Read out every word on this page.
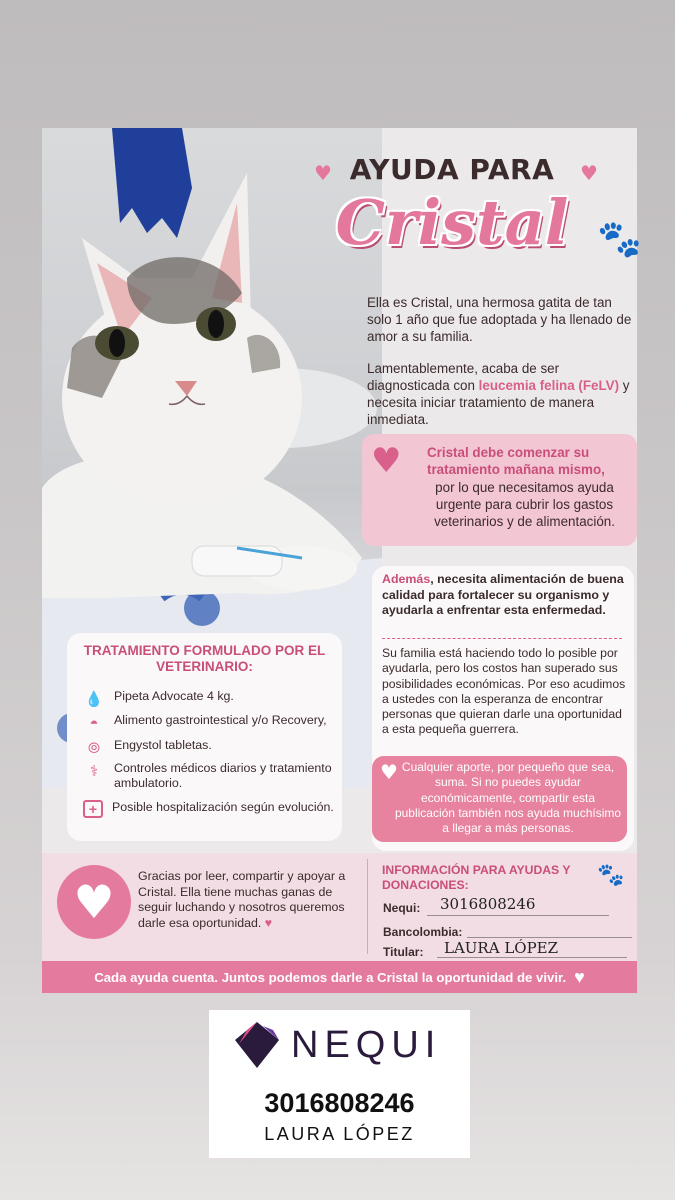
♥	♥
AYUDA PARA
Cristal 🐾
Ella es Cristal, una hermosa gatita de tan solo 1 año que fue adoptada y ha llenado de amor a su familia.
Lamentablemente, acaba de ser diagnosticada con leucemia felina (FeLV) y necesita iniciar tratamiento de manera inmediata.
♥ Cristal debe comenzar su tratamiento mañana mismo,
por lo que necesitamos ayuda urgente para cubrir los gastos veterinarios y de alimentación.
Además, necesita alimentación de buena calidad para fortalecer su organismo y ayudarla a enfrentar esta enfermedad.
Su familia está haciendo todo lo posible por ayudarla, pero los costos han superado sus posibilidades económicas. Por eso acudimos a ustedes con la esperanza de encontrar personas que quieran darle una oportunidad a esta pequeña guerrera.
♥ Cualquier aporte, por pequeño que sea, suma. Si no puedes ayudar económicamente, compartir esta publicación también nos ayuda muchísimo a llegar a más personas.
TRATAMIENTO FORMULADO POR EL VETERINARIO:
💧 Pipeta Advocate 4 kg.
◓	Alimento gastrointestical y/o Recovery,
⦾	Engystol tabletas.
⚕	Controles médicos diarios y tratamiento ambulatorio.
+	Posible hospitalización según evolución.
♥	Gracias por leer, compartir y apoyar a Cristal. Ella tiene muchas ganas de seguir luchando y nosotros queremos darle esa oportunidad. ♥
INFORMACIÓN PARA AYUDAS Y DONACIONES:	🐾
Nequi: 3016808246
Bancolombia:
Titular: LAURA LÓPEZ
Cada ayuda cuenta. Juntos podemos darle a Cristal la oportunidad de vivir. ♥
NEQUI
3016808246
LAURA LÓPEZ
